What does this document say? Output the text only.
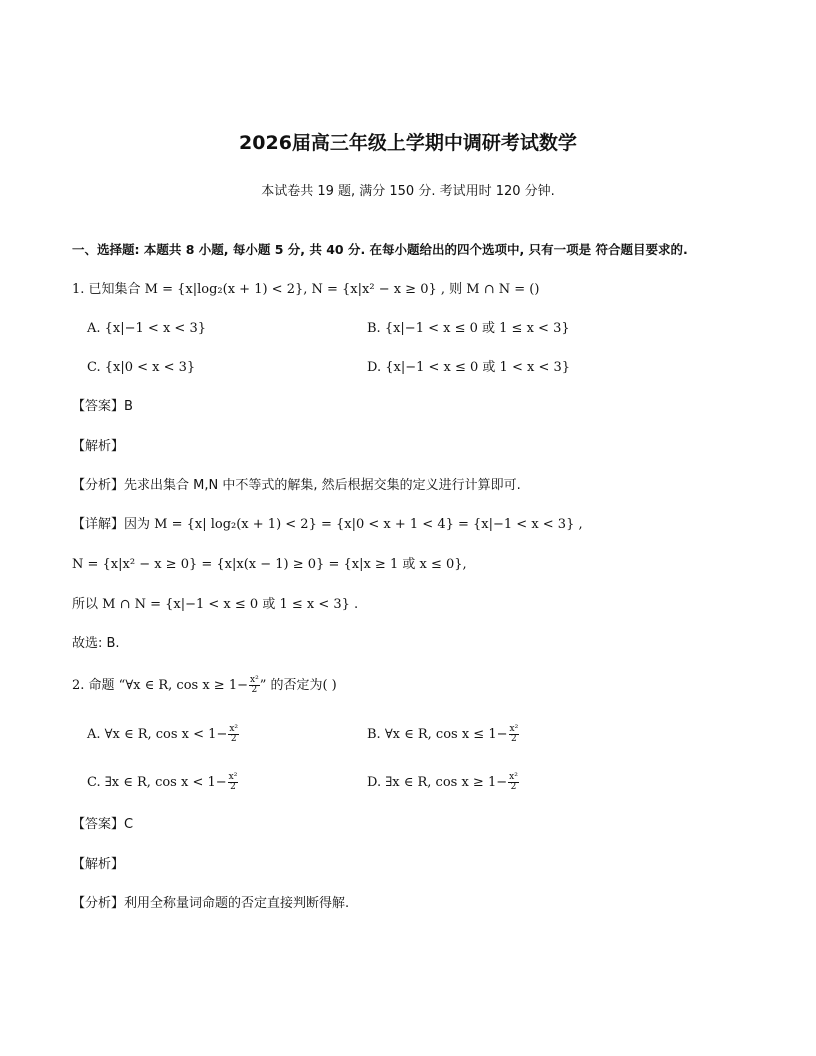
2026届高三年级上学期中调研考试数学
本试卷共 19 题, 满分 150 分. 考试用时 120 分钟.
一、选择题: 本题共 8 小题, 每小题 5 分, 共 40 分. 在每小题给出的四个选项中, 只有一项是 符合题目要求的.
1. 已知集合 M = {x|log₂(x + 1) < 2}, N = {x|x² − x ≥ 0} , 则 M ∩ N = ()
A. {x|−1 < x < 3}	B. {x|−1 < x ≤ 0 或 1 ≤ x < 3}
C. {x|0 < x < 3}	D. {x|−1 < x ≤ 0 或 1 < x < 3}
【答案】B
【解析】
【分析】先求出集合 M,N 中不等式的解集, 然后根据交集的定义进行计算即可.
【详解】因为 M = {x| log₂(x + 1) < 2} = {x|0 < x + 1 < 4} = {x|−1 < x < 3} ,
N = {x|x² − x ≥ 0} = {x|x(x − 1) ≥ 0} = {x|x ≥ 1 或 x ≤ 0},
所以 M ∩ N = {x|−1 < x ≤ 0 或 1 ≤ x < 3} .
故选: B.
2. 命题 “∀x ∈ R, $\cos x \ge 1- \frac{\text{x²}}{2}$ ” 的否定为( )
A. ∀x ∈ R, $\cos x < 1- \frac{\text{x²}}{2}$	B. ∀x ∈ R, $\cos x \le 1- \frac{\text{x²}}{2}$
C. ∃x ∈ R, $\cos x < 1- \frac{\text{x²}}{2}$	D. ∃x ∈ R, $\cos x \ge 1- \frac{\text{x²}}{2}$
【答案】C
【解析】
【分析】利用全称量词命题的否定直接判断得解.
